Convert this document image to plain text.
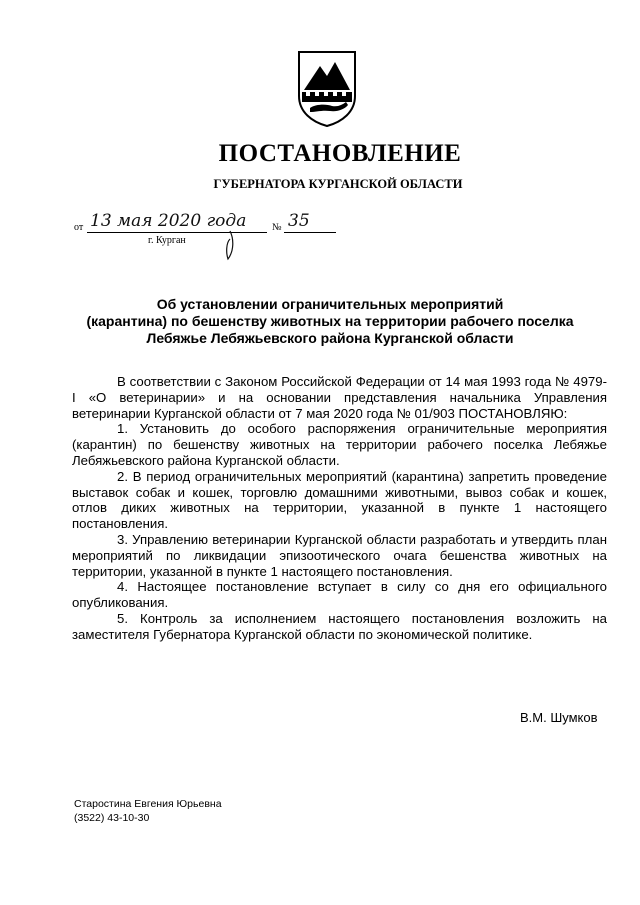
ПОСТАНОВЛЕНИЕ
ГУБЕРНАТОРА КУРГАНСКОЙ ОБЛАСТИ
от 13 мая 2020 года	№ 35
г. Курган
Об установлении ограничительных мероприятий
(карантина) по бешенству животных на территории рабочего поселка
Лебяжье Лебяжьевского района Курганской области

В соответствии с Законом Российской Федерации от 14 мая 1993 года № 4979-I «О ветеринарии» и на основании представления начальника Управления ветеринарии Курганской области от 7 мая 2020 года № 01/903 ПОСТАНОВЛЯЮ:

1. Установить до особого распоряжения ограничительные мероприятия (карантин) по бешенству животных на территории рабочего поселка Лебяжье Лебяжьевского района Курганской области.

2. В период ограничительных мероприятий (карантина) запретить проведение выставок собак и кошек, торговлю домашними животными, вывоз собак и кошек, отлов диких животных на территории, указанной в пункте 1 настоящего постановления.

3. Управлению ветеринарии Курганской области разработать и утвердить план мероприятий по ликвидации эпизоотического очага бешенства животных на территории, указанной в пункте 1 настоящего постановления.

4. Настоящее постановление вступает в силу со дня его официального опубликования.

5. Контроль за исполнением настоящего постановления возложить на заместителя Губернатора Курганской области по экономической политике.

В.М. Шумков
Старостина Евгения Юрьевна
(3522) 43-10-30
